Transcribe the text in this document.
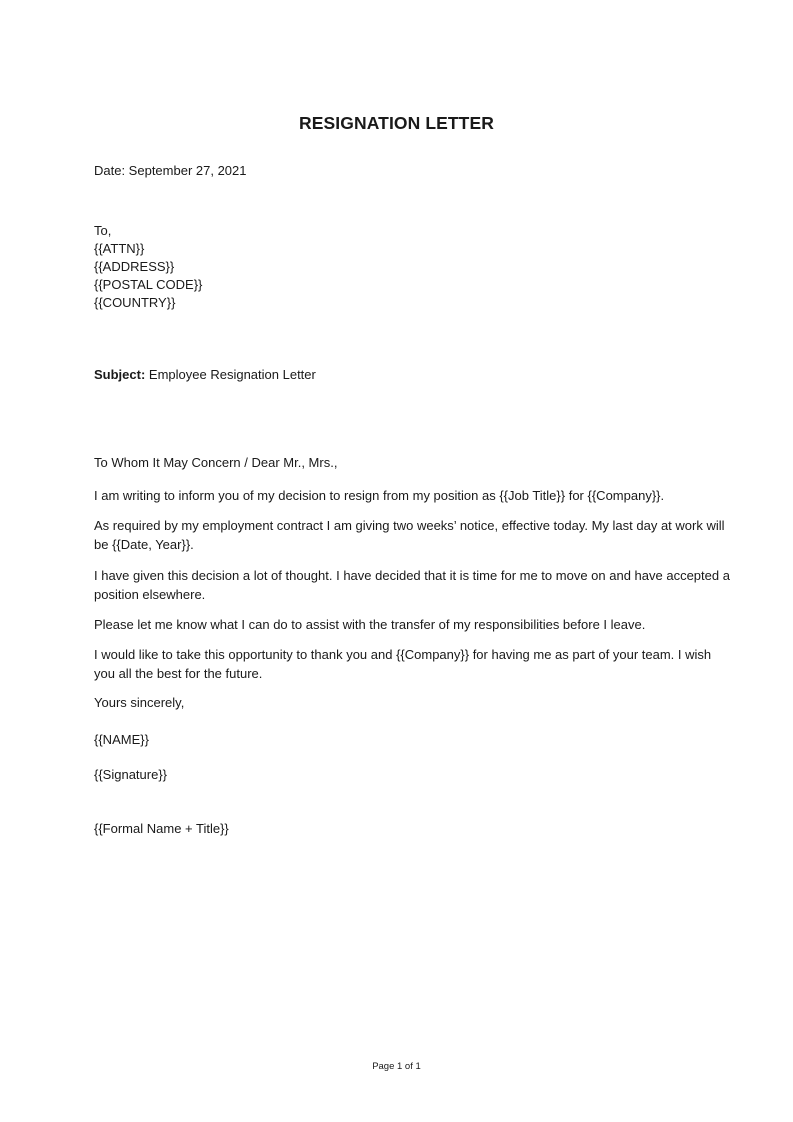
RESIGNATION LETTER

Date: September 27, 2021

To,

{{ATTN}}

{{ADDRESS}}

{{POSTAL CODE}}

{{COUNTRY}}

Subject: Employee Resignation Letter

To Whom It May Concern / Dear Mr., Mrs.,

I am writing to inform you of my decision to resign from my position as {{Job Title}} for {{Company}}.

As required by my employment contract I am giving two weeks’ notice, effective today. My last day at work will be {{Date, Year}}.

I have given this decision a lot of thought. I have decided that it is time for me to move on and have accepted a position elsewhere.

Please let me know what I can do to assist with the transfer of my responsibilities before I leave.

I would like to take this opportunity to thank you and {{Company}} for having me as part of your team. I wish you all the best for the future.

Yours sincerely,

{{NAME}}

{{Signature}}

{{Formal Name + Title}}

Page 1 of 1
